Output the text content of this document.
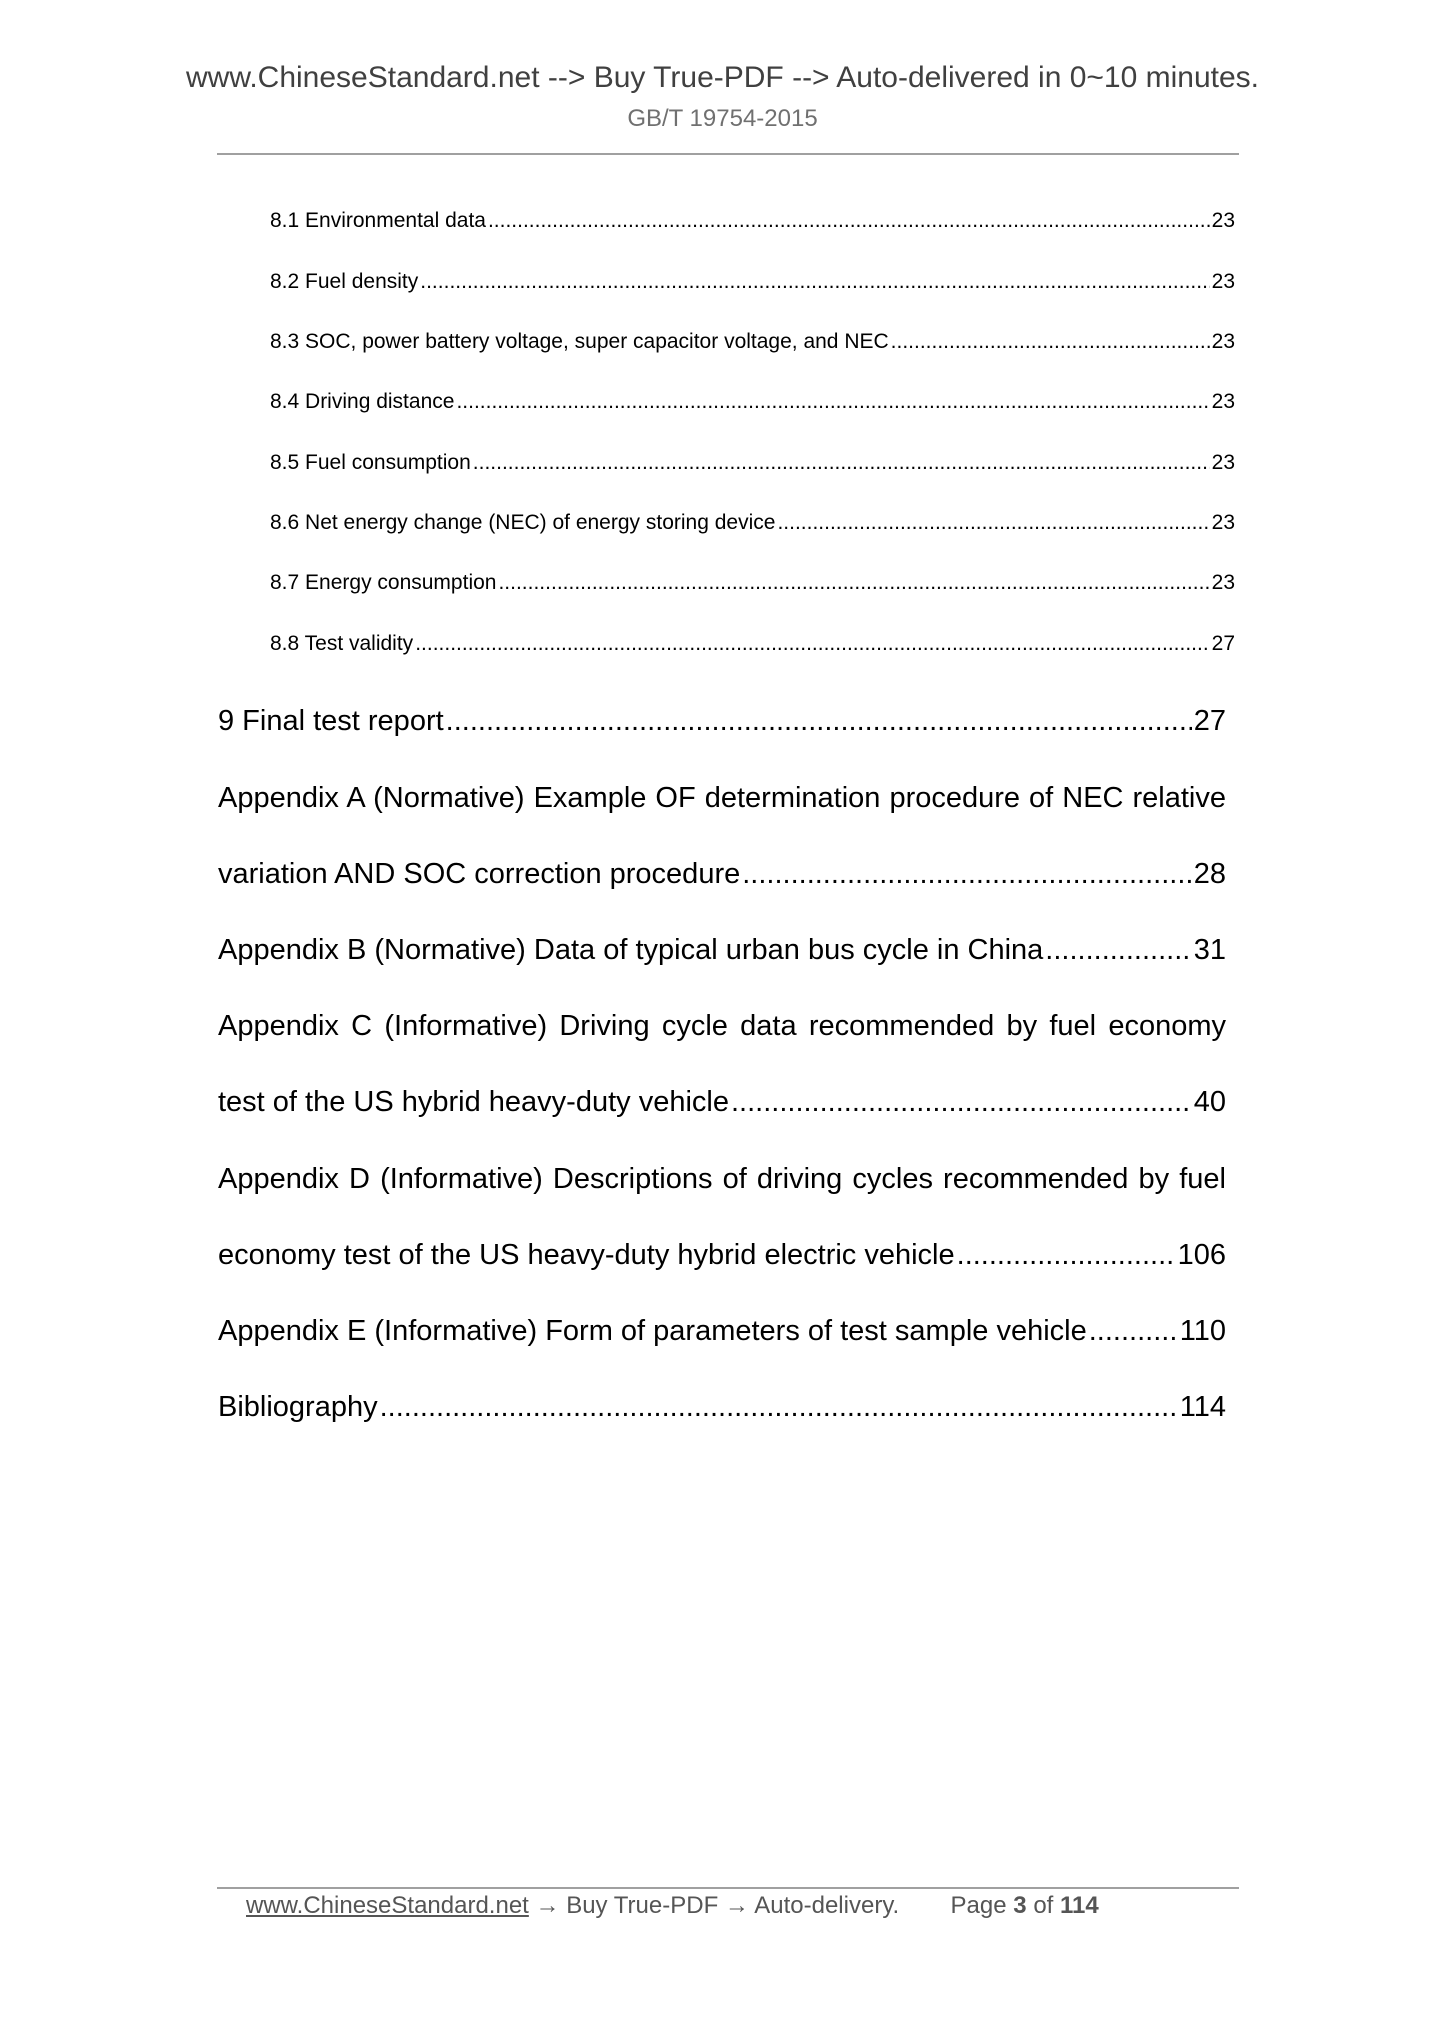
www.ChineseStandard.net --> Buy True-PDF --> Auto-delivered in 0~10 minutes.
GB/T 19754-2015
8.1 Environmental data .....	23
8.2 Fuel density .....	23
8.3 SOC, power battery voltage, super capacitor voltage, and NEC .....	23
8.4 Driving distance .....	23
8.5 Fuel consumption .....	23
8.6 Net energy change (NEC) of energy storing device .....	23
8.7 Energy consumption .....	23
8.8 Test validity .....	27
9 Final test report .....	27
Appendix A (Normative) Example OF determination procedure of NEC relative
variation AND SOC correction procedure .....	28
Appendix B (Normative) Data of typical urban bus cycle in China .....	31
Appendix C (Informative) Driving cycle data recommended by fuel economy
test of the US hybrid heavy-duty vehicle .....	40
Appendix D (Informative) Descriptions of driving cycles recommended by fuel
economy test of the US heavy-duty hybrid electric vehicle .....	106
Appendix E (Informative) Form of parameters of test sample vehicle .....	110
Bibliography .....	114
www.ChineseStandard.net → Buy True-PDF → Auto-delivery. Page 3 of 114
